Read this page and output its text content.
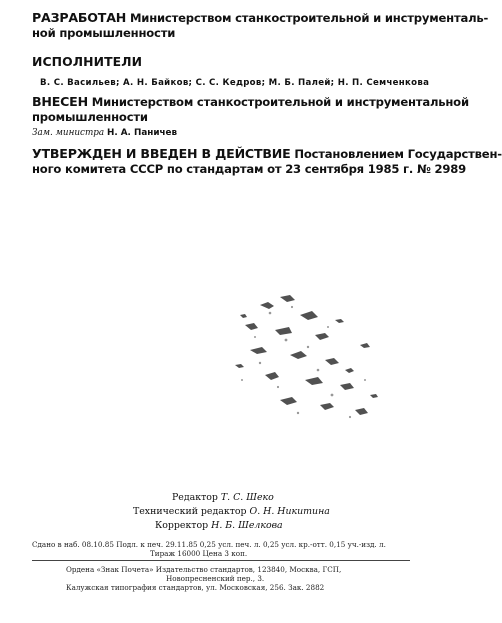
РАЗРАБОТАН Министерством станкостроительной и инструменталь-
ной промышленности
ИСПОЛНИТЕЛИ
В. С. Васильев; А. Н. Байков; С. С. Кедров; М. Б. Палей; Н. П. Семченкова
ВНЕСЕН Министерством станкостроительной и инструментальной
промышленности
Зам. министра Н. А. Паничев
УТВЕРЖДЕН И ВВЕДЕН В ДЕЙСТВИЕ Постановлением Государствен-
ного комитета СССР по стандартам от 23 сентября 1985 г. № 2989
Редактор Т. С. Шеко
Технический редактор О. Н. Никитина
Корректор Н. Б. Шелкова
Сдано в наб. 08.10.85 Подл. к печ. 29.11.85 0,25 усл. печ. л. 0,25 усл. кр.-отт. 0,15 уч.-изд. л.
Тираж 16000 Цена 3 коп.
Ордена «Знак Почета» Издательство стандартов, 123840, Москва, ГСП,
Новопресненский пер., 3.
Калужская типография стандартов, ул. Московская, 256. Зак. 2882
